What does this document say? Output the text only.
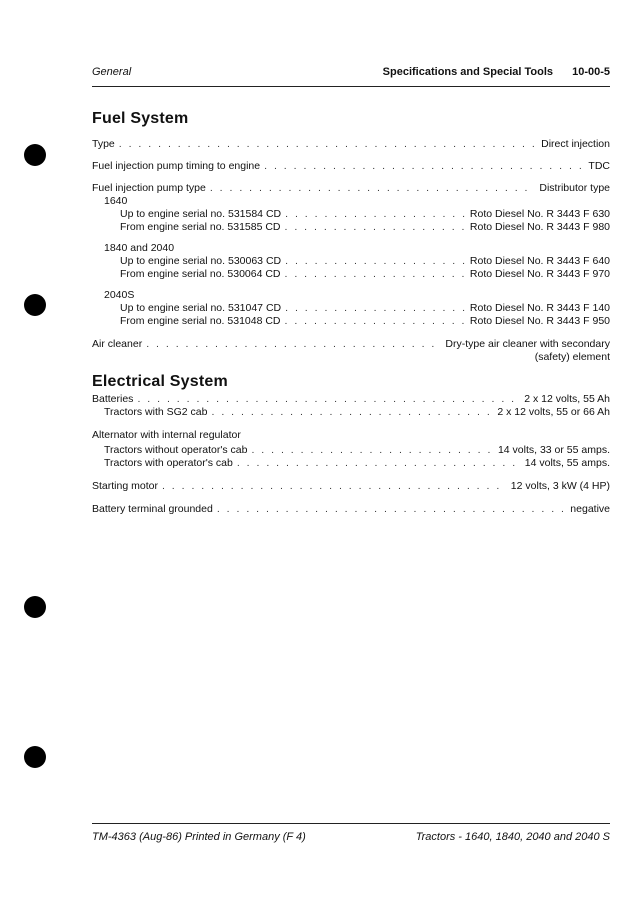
General	Specifications and Special Tools 10-00-5
Fuel System
Type . . .	Direct injection
Fuel injection pump timing to engine . . .	TDC
Fuel injection pump type . . .	Distributor type
1640
Up to engine serial no. 531584 CD . . .	Roto Diesel No. R 3443 F 630
From engine serial no. 531585 CD . . .	Roto Diesel No. R 3443 F 980
1840 and 2040
Up to engine serial no. 530063 CD . . .	Roto Diesel No. R 3443 F 640
From engine serial no. 530064 CD . . .	Roto Diesel No. R 3443 F 970
2040S
Up to engine serial no. 531047 CD . . .	Roto Diesel No. R 3443 F 140
From engine serial no. 531048 CD . . .	Roto Diesel No. R 3443 F 950
Air cleaner . . .	Dry-type air cleaner with secondary
(safety) element
Electrical System
Batteries . . .	2 x 12 volts, 55 Ah
Tractors with SG2 cab . . .	2 x 12 volts, 55 or 66 Ah
Alternator with internal regulator
Tractors without operator's cab . . .	14 volts, 33 or 55 amps.
Tractors with operator's cab . . .	14 volts, 55 amps.
Starting motor . . .	12 volts, 3 kW (4 HP)
Battery terminal grounded . . .	negative
TM-4363 (Aug-86) Printed in Germany (F 4)	Tractors - 1640, 1840, 2040 and 2040 S
